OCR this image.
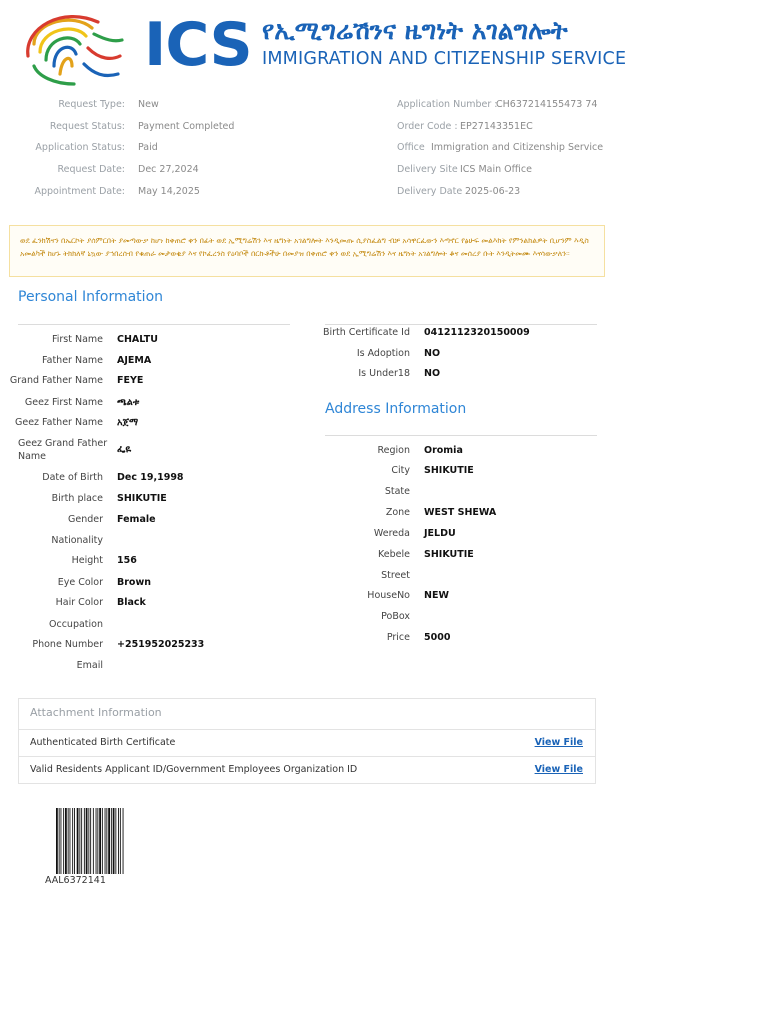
ICS የኢሚግሬሽንና ዜግነት አገልግሎት
IMMIGRATION AND CITIZENSHIP SERVICE
Request Type: New
Request Status: Payment Completed
Application Status: Paid
Request Date: Dec 27,2024
Appointment Date: May 14,2025
Application Number :
CH637214155473 74
Order Code : EP27143351EC
Office Immigration and Citizenship Service
Delivery Site ICS Main Office
Delivery Date 2025-06-23
ወደ ፈንክሽናን በኤርኮት ያሰምርበት ያመጣውቃ ከሆነ ከቀጠሮ ቀን በፊት ወደ ኢሚግሬሽን እና ዜግነት አገልግሎት እንዲመጡ ሲያስፈልግ ብቻ አሳዋርፈውን እጣኖር የፅሁፍ መልእክት የምንልክልዎት ቢሆንም እዲስ አመልካች ከሆኑ ትክክለኛ ኒኳው ያኅበረሰብ የቁጠራ መታወቂያ እና የኮፈረንስ የዕባቦች በርኩቶችሁ በመያዝ በቀጠሮ ቀን ወደ ኢሚግሬሽን እና ዜግነት አገልግሎት ቆና መሰረያ ቡት እንዲትመሙ እናሳውቃለን።
Personal Information
First Name CHALTU
Father Name AJEMA
Grand Father Name FEYE
Geez First Name ጫልቱ
Geez Father Name አጀማ
Geez Grand Father Name
ፌዬ
Date of Birth Dec 19,1998
Birth place SHIKUTIE
Gender Female
Nationality
Height 156
Eye Color Brown
Hair Color Black
Occupation
Phone Number +251952025233
Email
Birth Certificate Id 0412112320150009
Is Adoption NO
Is Under18 NO
Address Information
Region Oromia
City SHIKUTIE
State
Zone WEST SHEWA
Wereda JELDU
Kebele SHIKUTIE
Street
HouseNo NEW
PoBox
Price 5000
Attachment Information
Authenticated Birth Certificate	View File
Valid Residents Applicant ID/Government Employees Organization ID	View File
AAL6372141
